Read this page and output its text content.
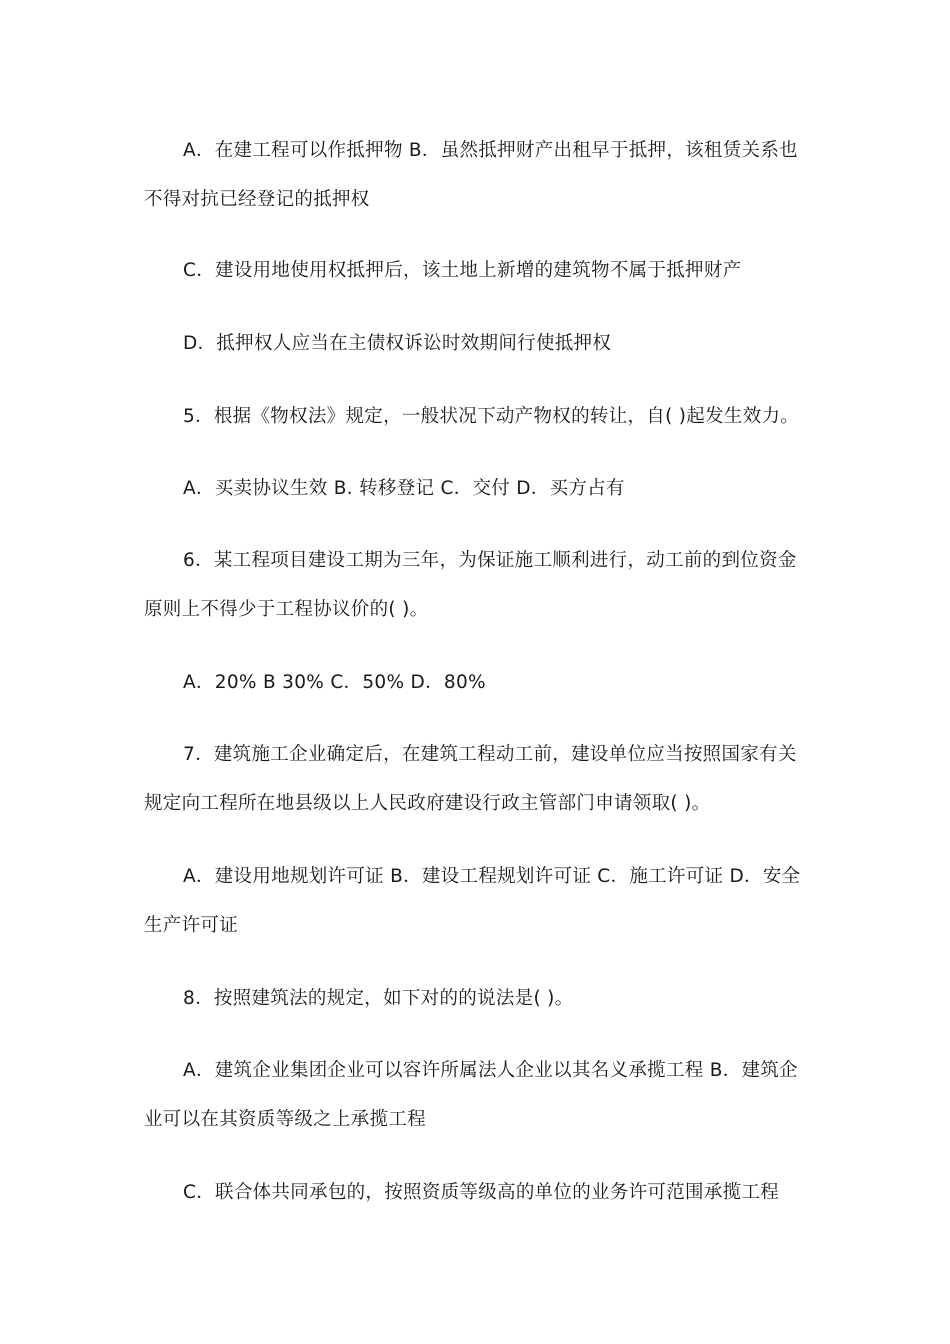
A．在建工程可以作抵押物 B．虽然抵押财产出租早于抵押，该租赁关系也不得对抗已经登记的抵押权

C．建设用地使用权抵押后，该土地上新增的建筑物不属于抵押财产

D．抵押权人应当在主债权诉讼时效期间行使抵押权

5．根据《物权法》规定，一般状况下动产物权的转让，自( )起发生效力。

A．买卖协议生效 B. 转移登记 C．交付 D．买方占有

6．某工程项目建设工期为三年，为保证施工顺利进行，动工前的到位资金原则上不得少于工程协议价的( )。

A．20% B 30% C．50% D．80%

7．建筑施工企业确定后，在建筑工程动工前，建设单位应当按照国家有关规定向工程所在地县级以上人民政府建设行政主管部门申请领取( )。

A．建设用地规划许可证 B．建设工程规划许可证 C．施工许可证 D．安全生产许可证

8．按照建筑法的规定，如下对的的说法是( )。

A．建筑企业集团企业可以容许所属法人企业以其名义承揽工程 B．建筑企业可以在其资质等级之上承揽工程

C．联合体共同承包的，按照资质等级高的单位的业务许可范围承揽工程
